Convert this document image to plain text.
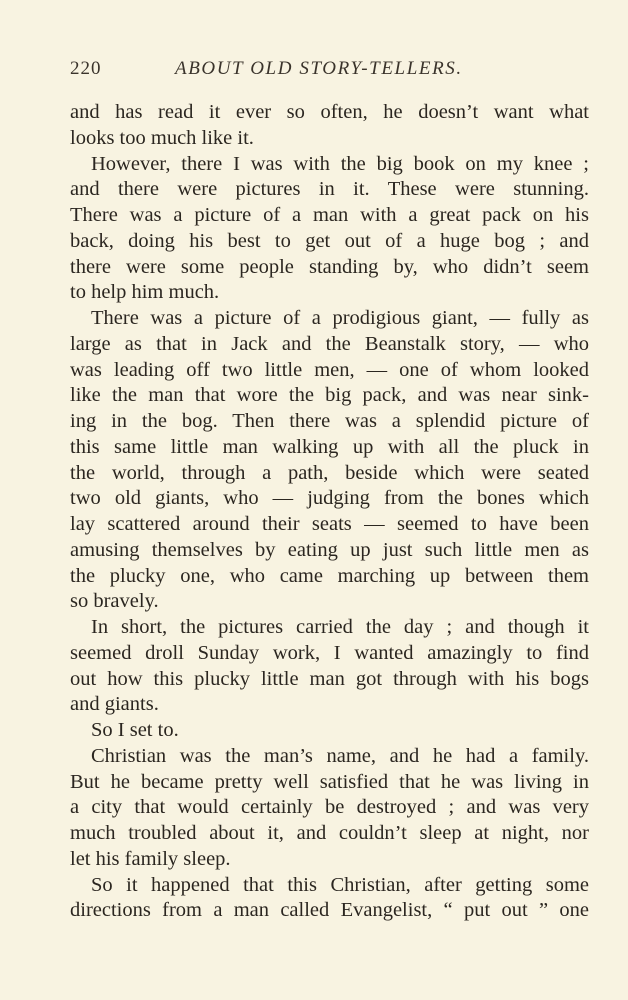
220	ABOUT OLD STORY-TELLERS.
and has read it ever so often, he doesn’t want what
looks too much like it.
However, there I was with the big book on my knee ;
and there were pictures in it. These were stunning.
There was a picture of a man with a great pack on his
back, doing his best to get out of a huge bog ; and
there were some people standing by, who didn’t seem
to help him much.
There was a picture of a prodigious giant, — fully as
large as that in Jack and the Beanstalk story, — who
was leading off two little men, — one of whom looked
like the man that wore the big pack, and was near sink-
ing in the bog. Then there was a splendid picture of
this same little man walking up with all the pluck in
the world, through a path, beside which were seated
two old giants, who — judging from the bones which
lay scattered around their seats — seemed to have been
amusing themselves by eating up just such little men as
the plucky one, who came marching up between them
so bravely.
In short, the pictures carried the day ; and though it
seemed droll Sunday work, I wanted amazingly to find
out how this plucky little man got through with his bogs
and giants.
So I set to.
Christian was the man’s name, and he had a family.
But he became pretty well satisfied that he was living in
a city that would certainly be destroyed ; and was very
much troubled about it, and couldn’t sleep at night, nor
let his family sleep.
So it happened that this Christian, after getting some
directions from a man called Evangelist, “ put out ” one
